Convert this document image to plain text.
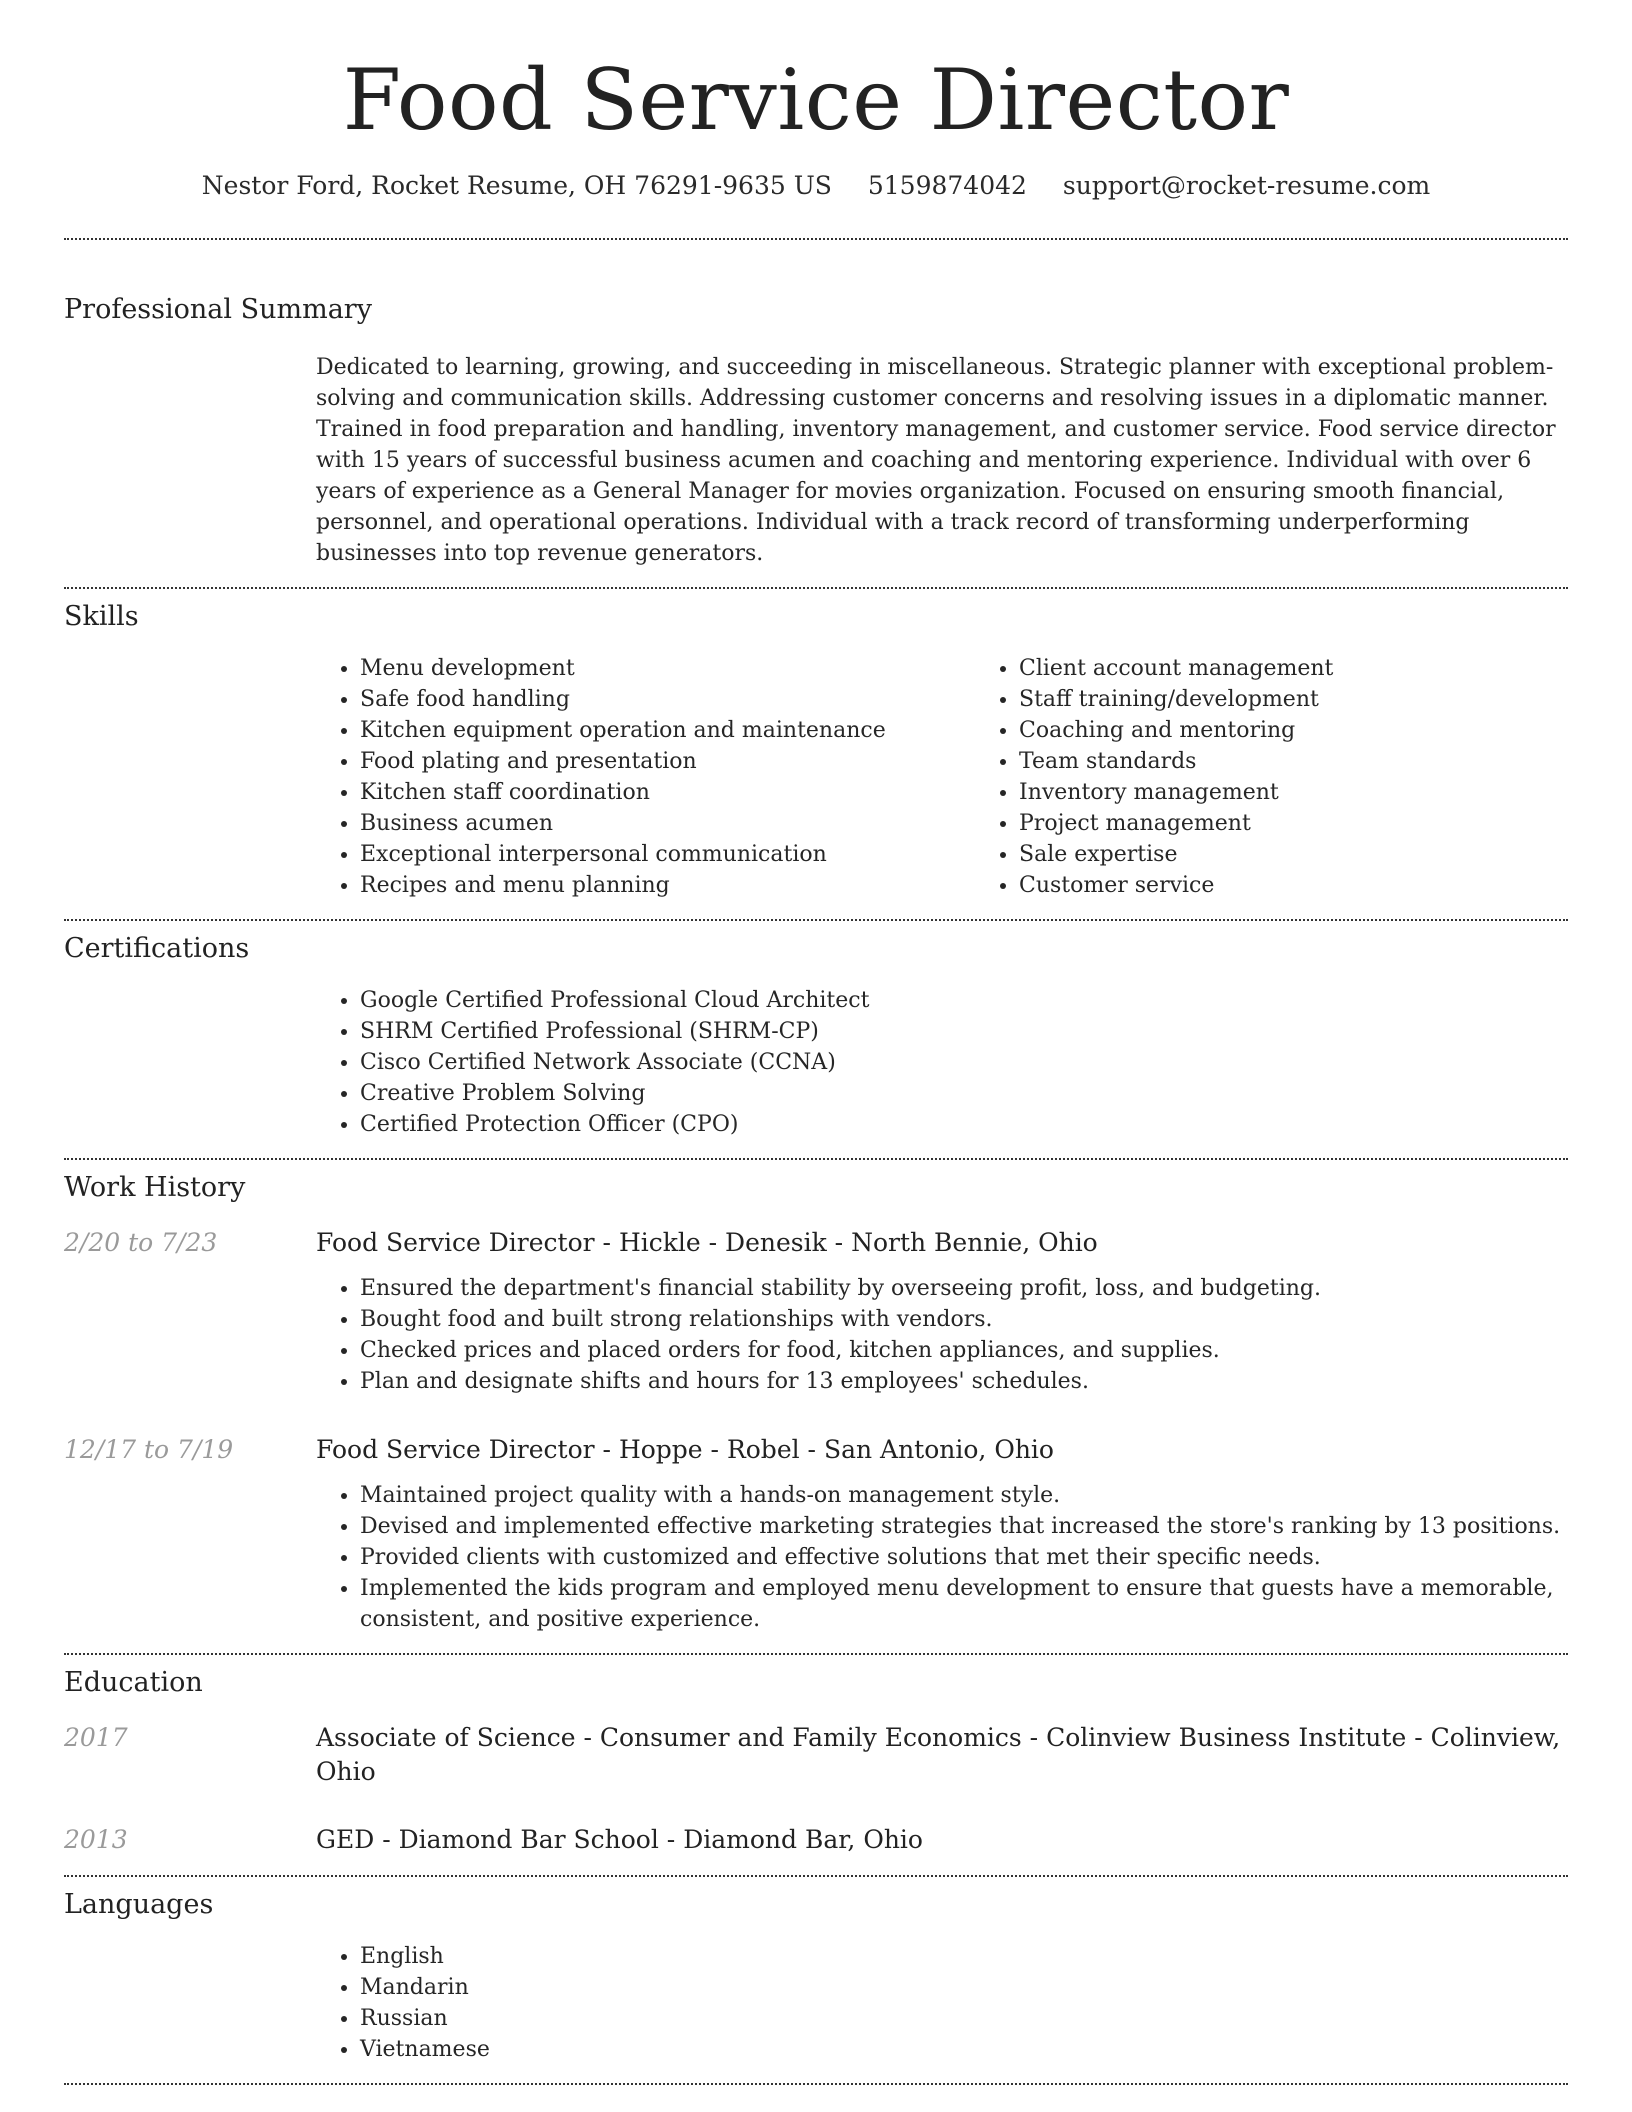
Food Service Director
Nestor Ford, Rocket Resume, OH 76291-9635 US 5159874042 support@rocket-resume.com
Professional Summary

Dedicated to learning, growing, and succeeding in miscellaneous. Strategic planner with exceptional problem-solving and communication skills. Addressing customer concerns and resolving issues in a diplomatic manner. Trained in food preparation and handling, inventory management, and customer service. Food service director with 15 years of successful business acumen and coaching and mentoring experience. Individual with over 6 years of experience as a General Manager for movies organization. Focused on ensuring smooth financial, personnel, and operational operations. Individual with a track record of transforming underperforming businesses into top revenue generators.

Skills
• Menu development
• Safe food handling
• Kitchen equipment operation and maintenance
• Food plating and presentation
• Kitchen staff coordination
• Business acumen
• Exceptional interpersonal communication
• Recipes and menu planning
• Client account management
• Staff training/development
• Coaching and mentoring
• Team standards
• Inventory management
• Project management
• Sale expertise
• Customer service
Certifications
• Google Certified Professional Cloud Architect
• SHRM Certified Professional (SHRM-CP)
• Cisco Certified Network Associate (CCNA)
• Creative Problem Solving
• Certified Protection Officer (CPO)
Work History
2/20 to 7/23	Food Service Director - Hickle - Denesik - North Bennie, Ohio
• Ensured the department's financial stability by overseeing profit, loss, and budgeting.
• Bought food and built strong relationships with vendors.
• Checked prices and placed orders for food, kitchen appliances, and supplies.
• Plan and designate shifts and hours for 13 employees' schedules.
12/17 to 7/19	Food Service Director - Hoppe - Robel - San Antonio, Ohio
• Maintained project quality with a hands-on management style.
• Devised and implemented effective marketing strategies that increased the store's ranking by 13 positions.
• Provided clients with customized and effective solutions that met their specific needs.
• Implemented the kids program and employed menu development to ensure that guests have a memorable, consistent, and positive experience.
Education
2017	Associate of Science - Consumer and Family Economics - Colinview Business Institute - Colinview, Ohio
2013	GED - Diamond Bar School - Diamond Bar, Ohio
Languages
• English
• Mandarin
• Russian
• Vietnamese
